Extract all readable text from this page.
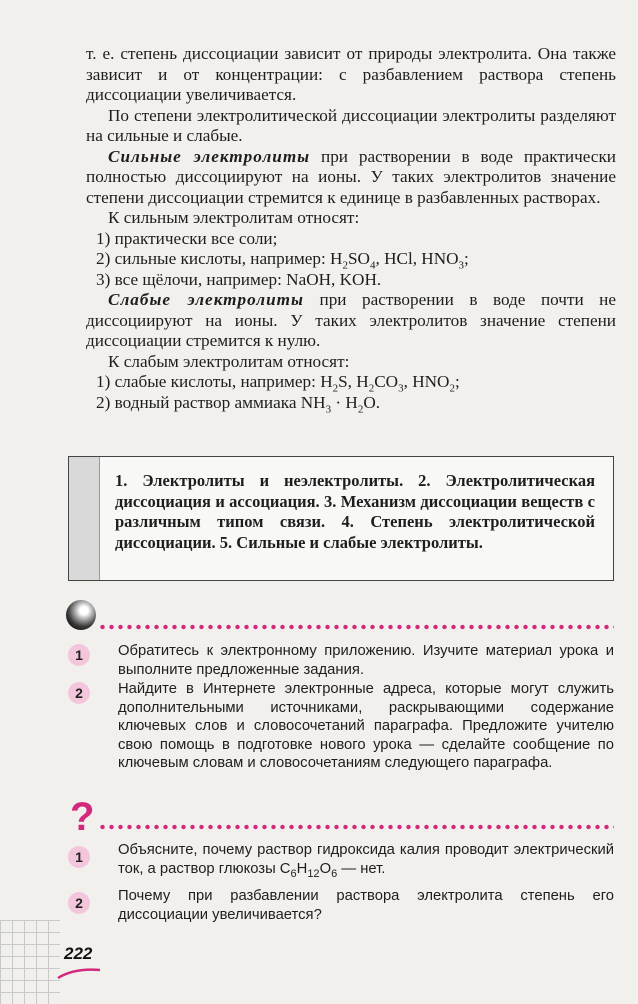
т. е. степень диссоциации зависит от природы электролита. Она также зависит и от концентрации: с разбавлением раствора степень диссоциации увеличивается.

По степени электролитической диссоциации электролиты разделяют на сильные и слабые.

Сильные электролиты при растворении в воде практически полностью диссоциируют на ионы. У таких электролитов значение степени диссоциации стремится к единице в разбавленных растворах.

К сильным электролитам относят:

1) практически все соли;

2) сильные кислоты, например: $H_2SO_4$, HCl, $HNO_3$;

3) все щёлочи, например: NaOH, KOH.

Слабые электролиты при растворении в воде почти не диссоциируют на ионы. У таких электролитов значение степени диссоциации стремится к нулю.

К слабым электролитам относят:

1) слабые кислоты, например: $H_2S$, $H_2CO_3$, $HNO_2$;

2) водный раствор аммиака $NH_3 \cdot H_2O$.

1. Электролиты и неэлектролиты. 2. Электролитическая диссоциация и ассоциация. 3. Механизм диссоциации веществ с различным типом связи. 4. Степень электролитической диссоциации. 5. Сильные и слабые электролиты.
1	Обратитесь к электронному приложению. Изучите материал урока и выполните предложенные задания.

2	Найдите в Интернете электронные адреса, которые могут служить дополнительными источниками, раскрывающими содержание ключевых слов и словосочетаний параграфа. Предложите учителю свою помощь в подготовке нового урока — сделайте сообщение по ключевым словам и словосочетаниям следующего параграфа.

?
1	Объясните, почему раствор гидроксида калия проводит электрический ток, а раствор глюкозы $C_6H_{12}O_6$ — нет.

2	Почему при разбавлении раствора электролита степень его диссоциации увеличивается?

222
